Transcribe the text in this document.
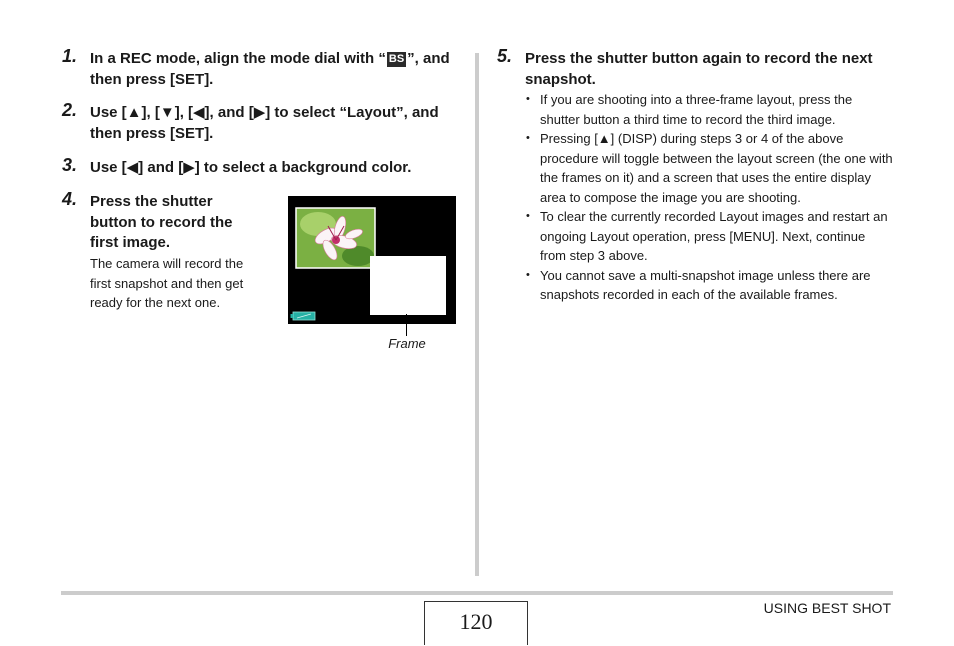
1. In a REC mode, align the mode dial with “ BS ”, and then press [SET].
2. Use [▲], [▼], [◀], and [▶] to select “Layout”, and then press [SET].
3. Use [◀] and [▶] to select a background color.
4. Press the shutter button to record the first image.
The camera will record the first snapshot and then get ready for the next one.
Frame
5. Press the shutter button again to record the next snapshot.
• If you are shooting into a three-frame layout, press the shutter button a third time to record the third image.
• Pressing [▲] (DISP) during steps 3 or 4 of the above procedure will toggle between the layout screen (the one with the frames on it) and a screen that uses the entire display area to compose the image you are shooting.
• To clear the currently recorded Layout images and restart an ongoing Layout operation, press [MENU]. Next, continue from step 3 above.
• You cannot save a multi-snapshot image unless there are snapshots recorded in each of the available frames.
120
USING BEST SHOT
